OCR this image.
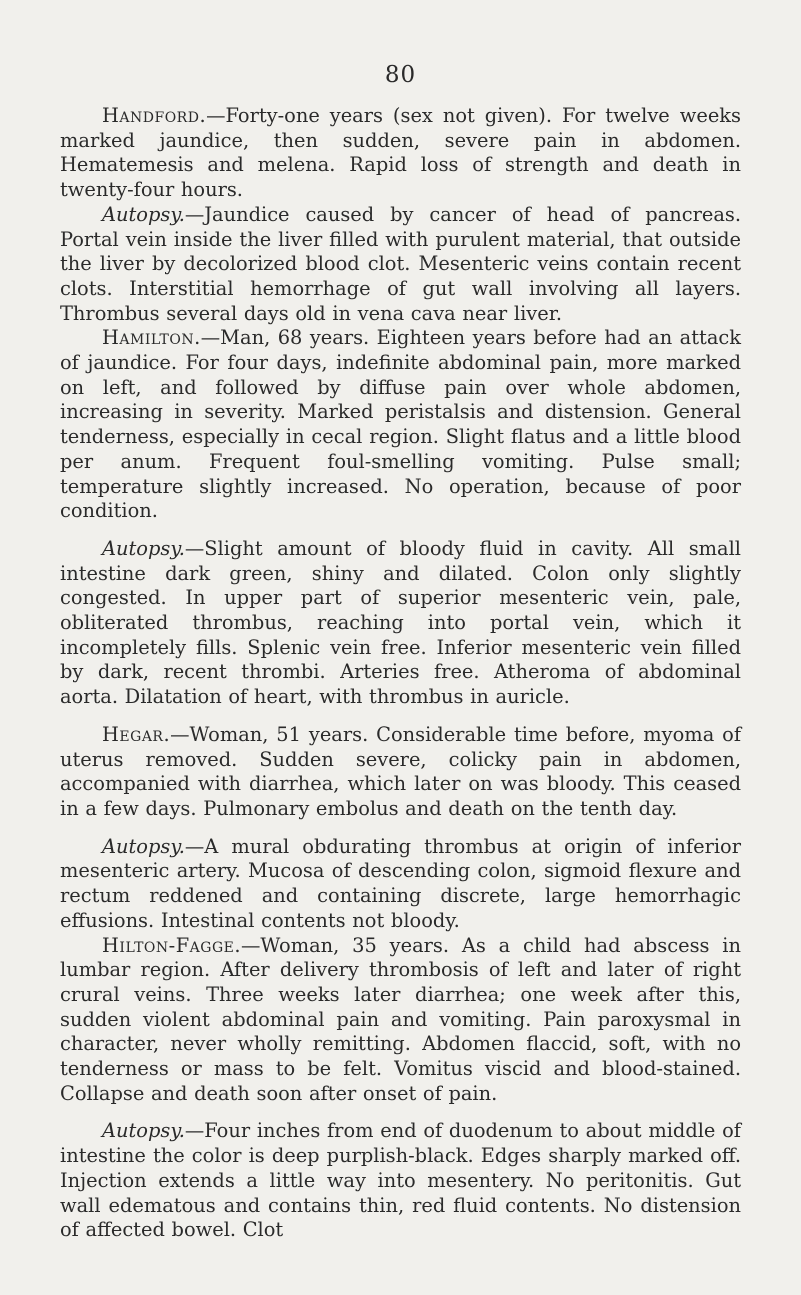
80

Handford.—Forty-one years (sex not given). For twelve weeks marked jaundice, then sudden, severe pain in abdomen. Hematemesis and melena. Rapid loss of strength and death in twenty-four hours.

Autopsy.—Jaundice caused by cancer of head of pancreas. Portal vein inside the liver filled with purulent material, that outside the liver by decolorized blood clot. Mesenteric veins contain recent clots. Interstitial hemorrhage of gut wall involving all layers. Thrombus several days old in vena cava near liver.

Hamilton.—Man, 68 years. Eighteen years before had an attack of jaundice. For four days, indefinite abdominal pain, more marked on left, and followed by diffuse pain over whole abdomen, increasing in severity. Marked peristalsis and distension. General tenderness, especially in cecal region. Slight flatus and a little blood per anum. Frequent foul-smelling vomiting. Pulse small; temperature slightly increased. No operation, because of poor condition.

Autopsy.—Slight amount of bloody fluid in cavity. All small intestine dark green, shiny and dilated. Colon only slightly congested. In upper part of superior mesenteric vein, pale, obliterated thrombus, reaching into portal vein, which it incompletely fills. Splenic vein free. Inferior mesenteric vein filled by dark, recent thrombi. Arteries free. Atheroma of abdominal aorta. Dilatation of heart, with thrombus in auricle.

Hegar.—Woman, 51 years. Considerable time before, myoma of uterus removed. Sudden severe, colicky pain in abdomen, accompanied with diarrhea, which later on was bloody. This ceased in a few days. Pulmonary embolus and death on the tenth day.

Autopsy.—A mural obdurating thrombus at origin of inferior mesenteric artery. Mucosa of descending colon, sigmoid flexure and rectum reddened and containing discrete, large hemorrhagic effusions. Intestinal contents not bloody.

Hilton-Fagge.—Woman, 35 years. As a child had abscess in lumbar region. After delivery thrombosis of left and later of right crural veins. Three weeks later diarrhea; one week after this, sudden violent abdominal pain and vomiting. Pain paroxysmal in character, never wholly remitting. Abdomen flaccid, soft, with no tenderness or mass to be felt. Vomitus viscid and blood-stained. Collapse and death soon after onset of pain.

Autopsy.—Four inches from end of duodenum to about middle of intestine the color is deep purplish-black. Edges sharply marked off. Injection extends a little way into mesentery. No peritonitis. Gut wall edematous and contains thin, red fluid contents. No distension of affected bowel. Clot
